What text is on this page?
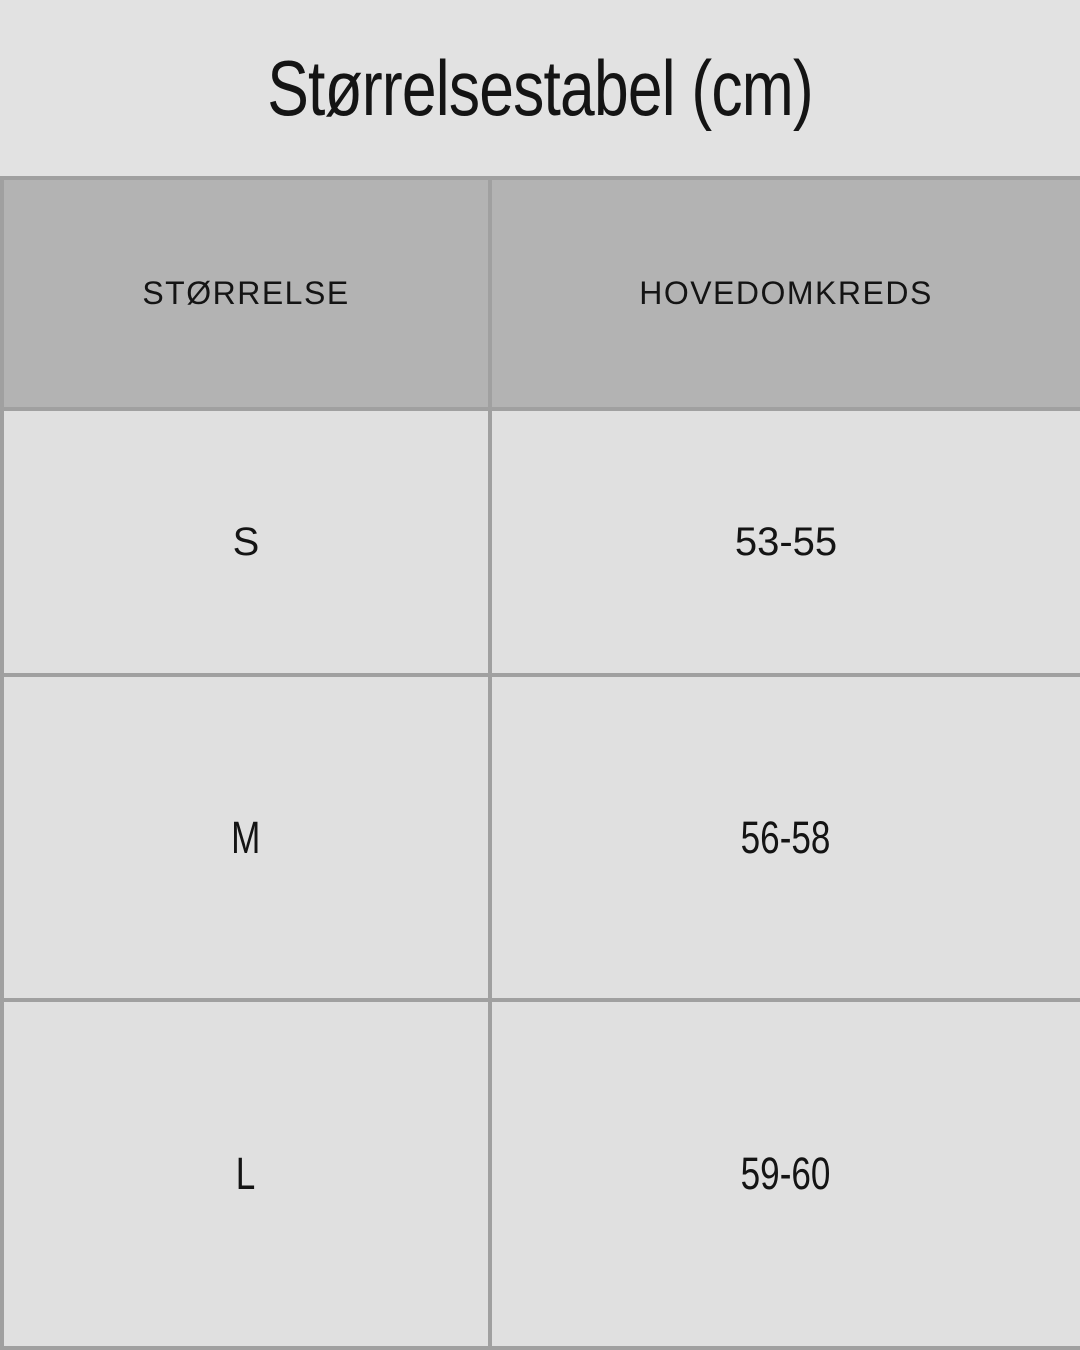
Størrelsestabel (cm)
STØRRELSE	HOVEDOMKREDS
S	53-55
M	56-58
L	59-60
